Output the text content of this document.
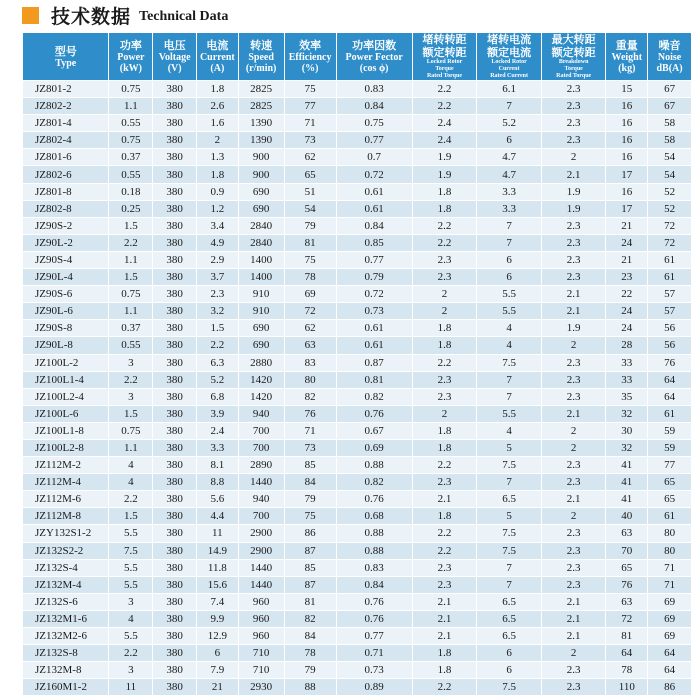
技术数据 Technical Data
型号
Type	功率
Power
(kW)	电压
Voltage
(V)	电流
Current
(A)	转速
Speed
(r/min)	效率
Efficiency
(%)	功率因数
Power Fector
(cos ϕ)	堵转转距
额定转距
Locked Rotor
Torque
Rated Torque	堵转电流
额定电流
Locked Rotor
Current
Rated Current	最大转距
额定转距
Breakdown
Torque
Rated Torque	重量
Weight
(kg)	噪音
Noise
dB(A)

JZ801-2	0.75	380	1.8	2825	75	0.83	2.2	6.1	2.3	15	67
JZ802-2	1.1	380	2.6	2825	77	0.84	2.2	7	2.3	16	67
JZ801-4	0.55	380	1.6	1390	71	0.75	2.4	5.2	2.3	16	58
JZ802-4	0.75	380	2	1390	73	0.77	2.4	6	2.3	16	58
JZ801-6	0.37	380	1.3	900	62	0.7	1.9	4.7	2	16	54
JZ802-6	0.55	380	1.8	900	65	0.72	1.9	4.7	2.1	17	54
JZ801-8	0.18	380	0.9	690	51	0.61	1.8	3.3	1.9	16	52
JZ802-8	0.25	380	1.2	690	54	0.61	1.8	3.3	1.9	17	52
JZ90S-2	1.5	380	3.4	2840	79	0.84	2.2	7	2.3	21	72
JZ90L-2	2.2	380	4.9	2840	81	0.85	2.2	7	2.3	24	72
JZ90S-4	1.1	380	2.9	1400	75	0.77	2.3	6	2.3	21	61
JZ90L-4	1.5	380	3.7	1400	78	0.79	2.3	6	2.3	23	61
JZ90S-6	0.75	380	2.3	910	69	0.72	2	5.5	2.1	22	57
JZ90L-6	1.1	380	3.2	910	72	0.73	2	5.5	2.1	24	57
JZ90S-8	0.37	380	1.5	690	62	0.61	1.8	4	1.9	24	56
JZ90L-8	0.55	380	2.2	690	63	0.61	1.8	4	2	28	56
JZ100L-2	3	380	6.3	2880	83	0.87	2.2	7.5	2.3	33	76
JZ100L1-4	2.2	380	5.2	1420	80	0.81	2.3	7	2.3	33	64
JZ100L2-4	3	380	6.8	1420	82	0.82	2.3	7	2.3	35	64
JZ100L-6	1.5	380	3.9	940	76	0.76	2	5.5	2.1	32	61
JZ100L1-8	0.75	380	2.4	700	71	0.67	1.8	4	2	30	59
JZ100L2-8	1.1	380	3.3	700	73	0.69	1.8	5	2	32	59
JZ112M-2	4	380	8.1	2890	85	0.88	2.2	7.5	2.3	41	77
JZ112M-4	4	380	8.8	1440	84	0.82	2.3	7	2.3	41	65
JZ112M-6	2.2	380	5.6	940	79	0.76	2.1	6.5	2.1	41	65
JZ112M-8	1.5	380	4.4	700	75	0.68	1.8	5	2	40	61
JZY132S1-2	5.5	380	11	2900	86	0.88	2.2	7.5	2.3	63	80
JZ132S2-2	7.5	380	14.9	2900	87	0.88	2.2	7.5	2.3	70	80
JZ132S-4	5.5	380	11.8	1440	85	0.83	2.3	7	2.3	65	71
JZ132M-4	5.5	380	15.6	1440	87	0.84	2.3	7	2.3	76	71
JZ132S-6	3	380	7.4	960	81	0.76	2.1	6.5	2.1	63	69
JZ132M1-6	4	380	9.9	960	82	0.76	2.1	6.5	2.1	72	69
JZ132M2-6	5.5	380	12.9	960	84	0.77	2.1	6.5	2.1	81	69
JZ132S-8	2.2	380	6	710	78	0.71	1.8	6	2	64	64
JZ132M-8	3	380	7.9	710	79	0.73	1.8	6	2.3	78	64
JZ160M1-2	11	380	21	2930	88	0.89	2.2	7.5	2.3	110	86
